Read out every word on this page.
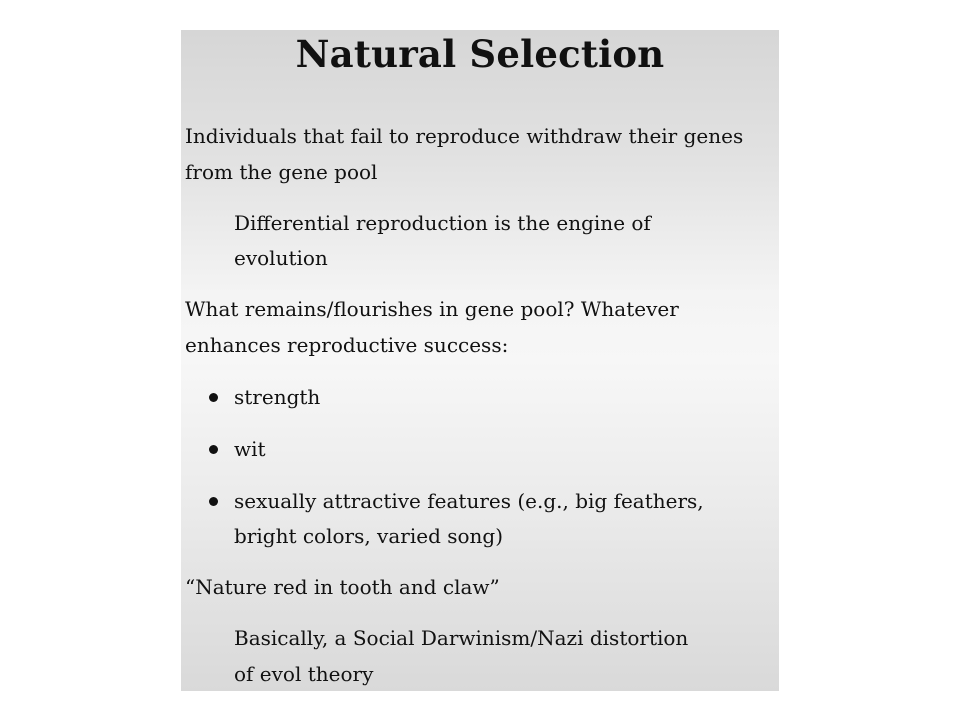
Natural Selection
Individuals that fail to reproduce withdraw their genes
from the gene pool
Differential reproduction is the engine of
evolution
What remains/flourishes in gene pool? Whatever
enhances reproductive success:
strength
wit
sexually attractive features (e.g., big feathers,
bright colors, varied song)
“Nature red in tooth and claw”
Basically, a Social Darwinism/Nazi distortion
of evol theory
